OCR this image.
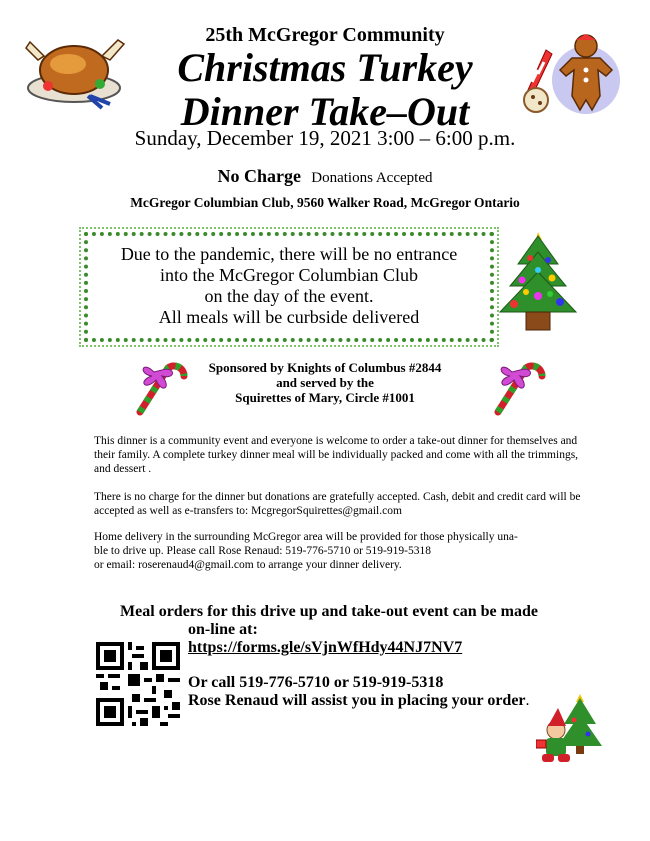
25th McGregor Community
Christmas Turkey
Dinner Take–Out
Sunday, December 19, 2021 3:00 – 6:00 p.m.
No Charge Donations Accepted
McGregor Columbian Club, 9560 Walker Road, McGregor Ontario
Due to the pandemic, there will be no entrance
into the McGregor Columbian Club
on the day of the event.
All meals will be curbside delivered
Sponsored by Knights of Columbus #2844
and served by the
Squirettes of Mary, Circle #1001
This dinner is a community event and everyone is welcome to order a take-out dinner for themselves and their family. A complete turkey dinner meal will be individually packed and come with all the trimmings, and dessert .
There is no charge for the dinner but donations are gratefully accepted. Cash, debit and credit card will be accepted as well as e-transfers to: McgregorSquirettes@gmail.com
Home delivery in the surrounding McGregor area will be provided for those physically una-
ble to drive up. Please call Rose Renaud: 519-776-5710 or 519-919-5318
or email: roserenaud4@gmail.com to arrange your dinner delivery.
Meal orders for this drive up and take-out event can be made
on-line at:
https://forms.gle/sVjnWfHdy44NJ7NV7
Or call 519-776-5710 or 519-919-5318
Rose Renaud will assist you in placing your order.
